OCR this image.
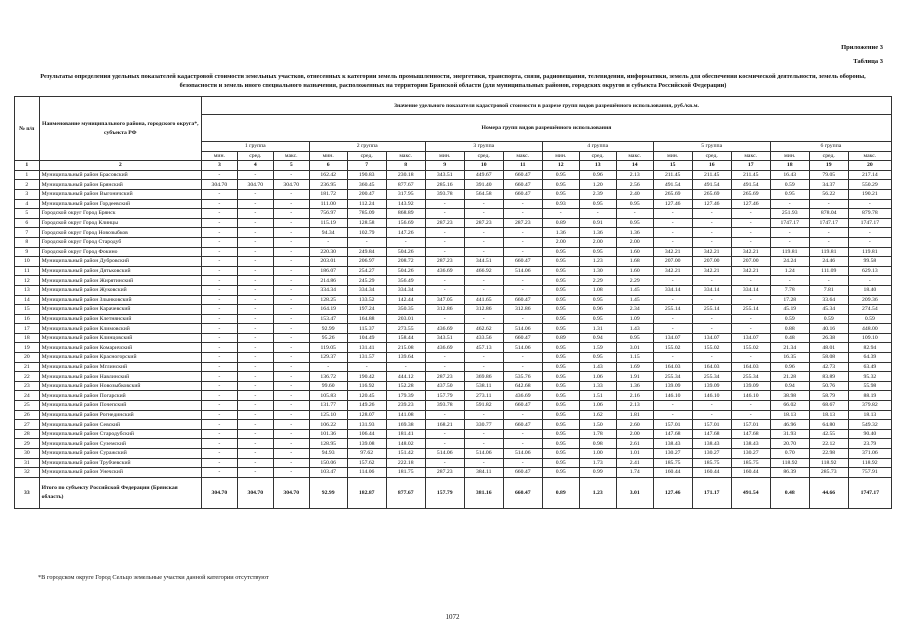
Приложение 3
Таблица 3
Результаты определения удельных показателей кадастровой стоимости земельных участков, отнесенных к категории земель промышленности, энергетики, транспорта, связи, радиовещания, телевидения, информатики, земель для обеспечения космической деятельности, земель обороны, безопасности и земель иного специального назначения, расположенных на территории Брянской области (для муниципальных районов, городских округов и субъекта Российской Федерации)
№ п/п	Наименование муниципального района, городского округа*, субъекта РФ	Значение удельного показателя кадастровой стоимости в разрезе групп видов разрешённого использования, руб./кв.м.																	
		Номера групп видов разрешённого использования																	
		1 группа			2 группа			3 группа			4 группа			5 группа			6 группа		
		мин.	сред.	макс.	мин.	сред.	макс.	мин.	сред.	макс.	мин.	сред.	макс.	мин.	сред.	макс.	мин.	сред.	макс.
1	2	3	4	5	6	7	8	9	10	11	12	13	14	15	16	17	18	19	20
1	Муниципальный район Брасовский	-	-	-	162.42	190.83	230.18	343.51	449.67	660.47	0.95	0.96	2.13	211.45	211.45	211.45	16.43	79.05	217.14
2	Муниципальный район Брянский	304.70	304.70	304.70	236.95	360.45	877.67	285.16	391.40	660.47	0.95	1.20	2.56	491.54	491.54	491.54	0.59	34.37	550.29
3	Муниципальный район Выгоничский	-	-	-	181.72	200.47	317.95	393.78	564.58	660.47	0.95	2.39	2.40	265.69	265.69	265.69	0.95	56.22	190.21
4	Муниципальный район Гордеевский	-	-	-	111.00	112.24	143.92	-	-	-	0.93	0.95	0.95	127.46	127.46	127.46	-	-	-
5	Городской округ Город Брянск	-	-	-	756.97	785.09	868.89	-	-	-	-	-	-	-	-	-	251.93	878.04	879.78
6	Городской округ Город Клинцы	-	-	-	115.19	128.58	156.69	287.23	287.23	287.23	0.89	0.91	0.95	-	-	-	1747.17	1747.17	1747.17
7	Городской округ Город Новозыбков	-	-	-	94.34	102.79	147.26	-	-	-	1.36	1.36	1.36	-	-	-	-	-	-
8	Городской округ Город Стародуб	-	-	-	-	-	-	-	-	-	2.00	2.00	2.00	-	-	-	-	-	-
9	Городской округ Город Фокино	-	-	-	220.30	249.84	504.26	-	-	-	0.95	0.95	1.60	342.21	342.21	342.21	119.81	119.81	119.81
10	Муниципальный район Дубровский	-	-	-	203.01	206.97	208.72	287.23	344.51	660.47	0.95	1.23	1.68	207.00	207.00	207.00	24.24	24.46	99.58
11	Муниципальный район Дятьковский	-	-	-	186.07	254.27	504.26	436.69	466.92	514.06	0.95	1.30	1.60	342.21	342.21	342.21	1.24	111.09	629.13
12	Муниципальный район Жирятинский	-	-	-	214.86	245.29	356.49	-	-	-	0.95	2.29	2.29	-	-	-	-	-	-
13	Муниципальный район Жуковский	-	-	-	334.34	334.34	334.34	-	-	-	0.95	1.08	1.45	334.14	334.14	334.14	7.78	7.81	18.40
14	Муниципальный район Злынковский	-	-	-	128.25	133.52	142.44	347.05	441.65	660.47	0.95	0.95	1.45	-	-	-	17.28	33.64	209.36
15	Муниципальный район Карачевский	-	-	-	164.19	197.24	350.35	312.86	312.86	312.86	0.95	0.96	2.34	255.14	255.14	255.14	45.19	45.34	274.54
16	Муниципальный район Клетнянский	-	-	-	153.47	164.88	203.01	-	-	-	0.95	0.95	1.09	-	-	-	0.59	0.59	0.59
17	Муниципальный район Климовский	-	-	-	92.99	115.37	273.55	436.69	462.62	514.06	0.95	1.31	1.43	-	-	-	0.88	40.16	448.00
18	Муниципальный район Клинцовский	-	-	-	95.26	104.49	158.44	343.51	433.56	660.47	0.89	0.94	0.95	134.07	134.07	134.07	0.48	26.38	109.10
19	Муниципальный район Комаричский	-	-	-	119.05	131.41	215.08	436.69	457.13	514.06	0.95	1.59	3.01	155.02	155.02	155.02	21.34	48.01	82.94
20	Муниципальный район Красногорский	-	-	-	129.37	131.57	139.64	-	-	-	0.95	0.95	1.15	-	-	-	16.35	58.08	64.39
21	Муниципальный район Мглинский	-	-	-	-	-	-	-	-	-	0.95	1.43	1.69	164.03	164.03	164.03	0.96	42.73	63.49
22	Муниципальный район Навлинский	-	-	-	136.72	190.42	444.12	287.23	369.86	535.76	0.95	1.06	1.91	255.34	255.34	255.34	21.28	83.89	95.32
23	Муниципальный район Новозыбковский	-	-	-	99.60	116.92	152.28	437.50	538.11	642.68	0.95	1.33	1.36	139.09	139.09	139.09	0.94	50.76	55.98
24	Муниципальный район Погарский	-	-	-	105.83	120.45	179.39	157.79	273.11	436.69	0.95	1.51	2.16	146.10	146.10	146.10	38.98	58.79	88.19
25	Муниципальный район Почепский	-	-	-	131.77	149.26	239.23	393.78	591.82	660.47	0.95	1.06	2.13	-	-	-	66.02	68.67	379.82
26	Муниципальный район Рогнединский	-	-	-	125.10	128.07	141.08	-	-	-	0.95	1.62	1.81	-	-	-	18.13	18.13	18.13
27	Муниципальный район Севский	-	-	-	106.22	131.93	169.38	168.21	330.77	660.47	0.95	1.50	2.60	157.01	157.01	157.01	46.96	64.80	549.32
28	Муниципальный район Стародубский	-	-	-	101.36	106.44	181.41	-	-	-	0.95	1.78	2.00	147.68	147.68	147.68	31.93	42.55	90.40
29	Муниципальный район Суземский	-	-	-	128.95	139.08	148.02	-	-	-	0.95	0.98	2.61	138.43	138.43	138.43	20.70	22.12	23.79
30	Муниципальный район Суражский	-	-	-	94.93	97.62	151.42	514.06	514.06	514.06	0.95	1.00	1.01	130.27	130.27	130.27	0.70	22.98	371.06
31	Муниципальный район Трубчевский	-	-	-	150.06	157.62	222.18	-	-	-	0.95	1.73	2.41	185.75	185.75	185.75	118.92	118.92	118.92
32	Муниципальный район Унечский	-	-	-	103.47	114.06	181.75	287.23	384.11	660.47	0.95	0.99	1.74	160.44	160.44	160.44	86.39	285.73	757.91
33	Итого по субъекту Российской Федерации (Брянская область)	304.70	304.70	304.70	92.99	182.87	877.67	157.79	381.16	660.47	0.89	1.23	3.01	127.46	171.17	491.54	0.48	44.66	1747.17
*В городском округе Город Сельцо земельные участки данной категории отсутствуют
1072
